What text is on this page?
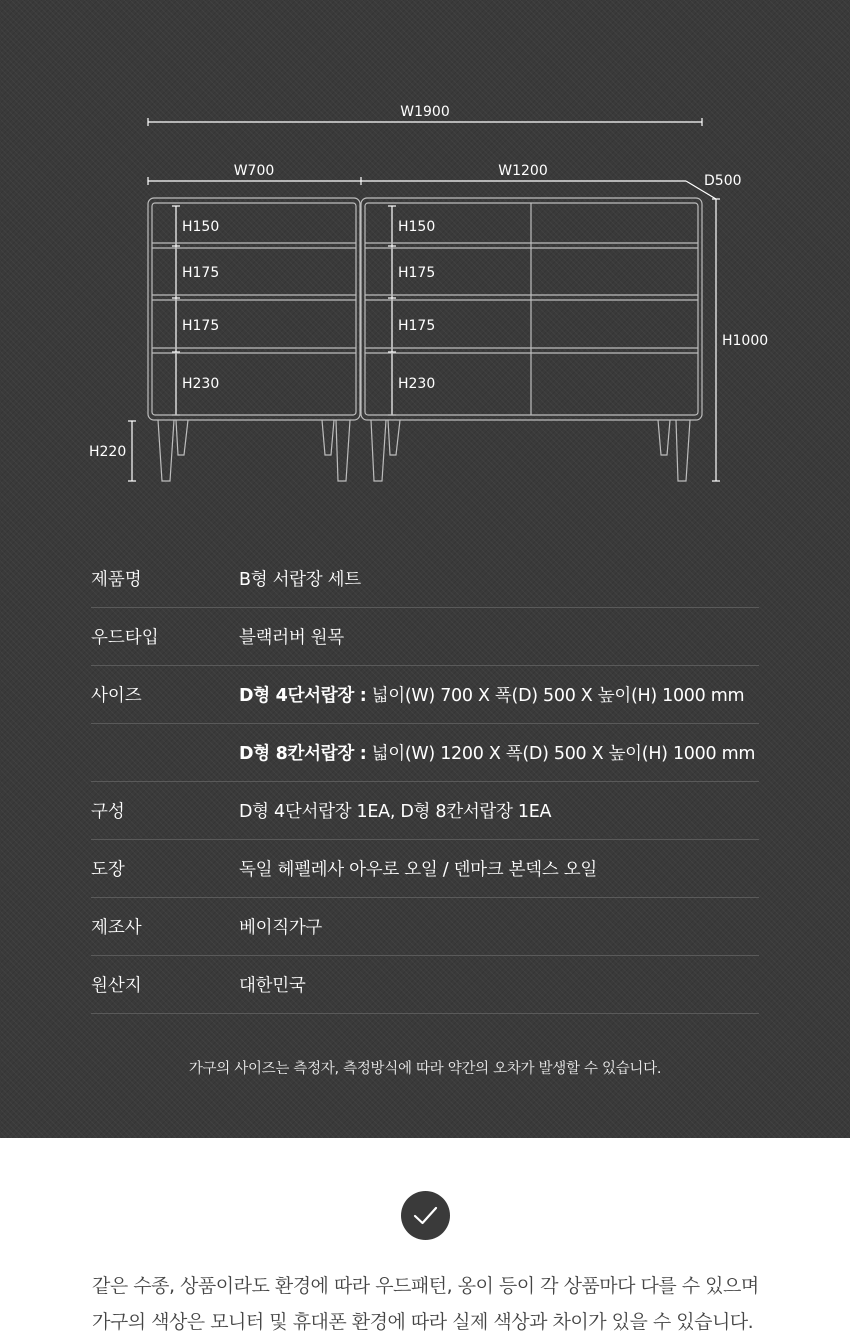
W1900
W700	W1200
D500
H1000
H220
H150
H175
H175
H230
H150
H175
H175
H230
제품명	B형 서랍장 세트
우드타입	블랙러버 원목
사이즈	D형 4단서랍장 : 넓이(W) 700 X 폭(D) 500 X 높이(H) 1000 mm
D형 8칸서랍장 : 넓이(W) 1200 X 폭(D) 500 X 높이(H) 1000 mm
구성	D형 4단서랍장 1EA, D형 8칸서랍장 1EA
도장	독일 헤펠레사 아우로 오일 / 덴마크 본덱스 오일
제조사	베이직가구
원산지	대한민국
가구의 사이즈는 측정자, 측정방식에 따라 약간의 오차가 발생할 수 있습니다.
같은 수종, 상품이라도 환경에 따라 우드패턴, 옹이 등이 각 상품마다 다를 수 있으며
가구의 색상은 모니터 및 휴대폰 환경에 따라 실제 색상과 차이가 있을 수 있습니다.
